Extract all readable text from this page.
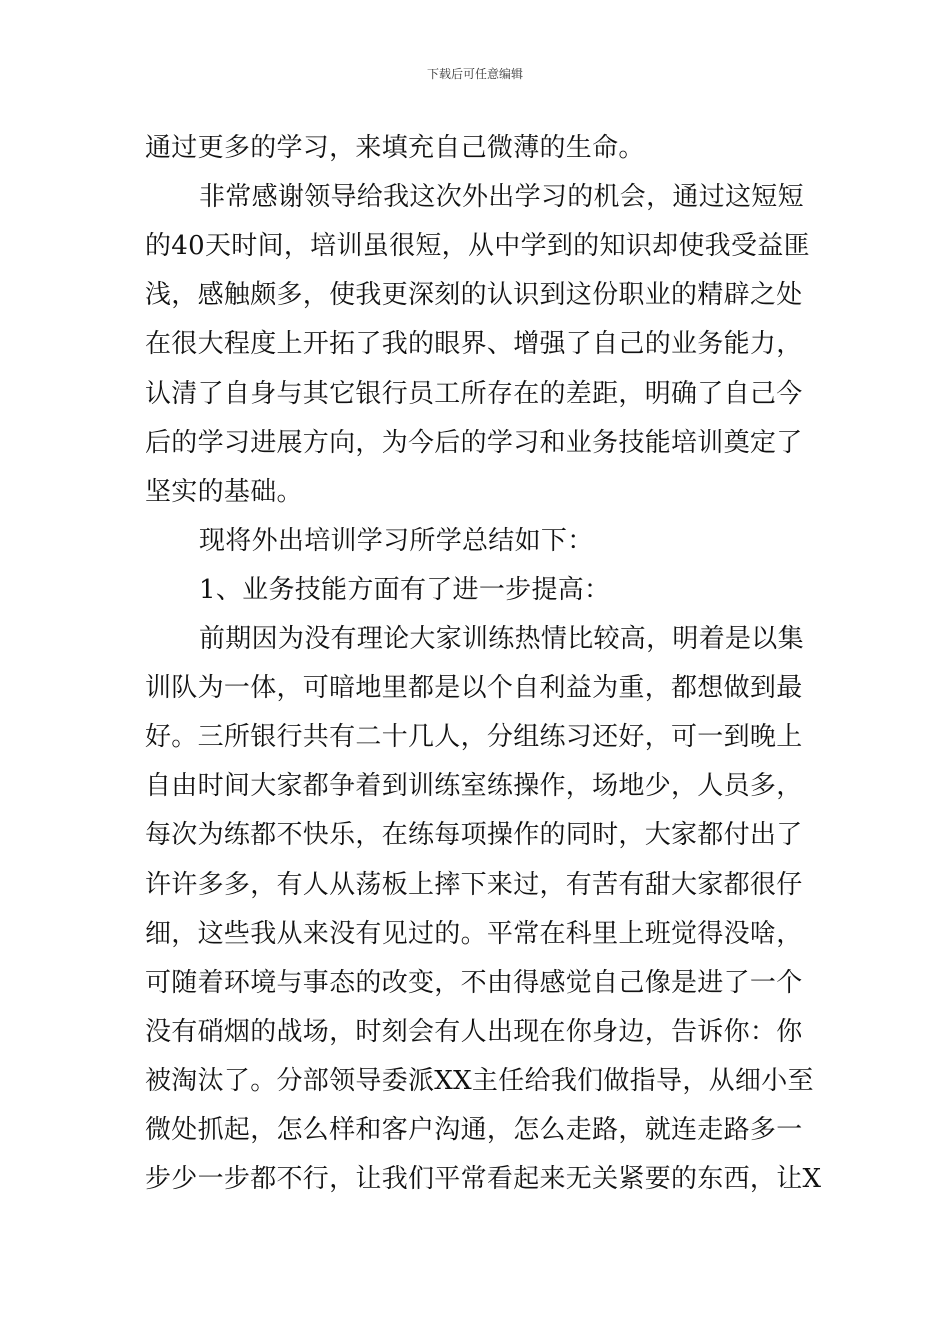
下载后可任意编辑
通过更多的学习，来填充自己微薄的生命。
非常感谢领导给我这次外出学习的机会，通过这短短
的40天时间，培训虽很短，从中学到的知识却使我受益匪
浅，感触颇多，使我更深刻的认识到这份职业的精辟之处
在很大程度上开拓了我的眼界、增强了自己的业务能力，
认清了自身与其它银行员工所存在的差距，明确了自己今
后的学习进展方向，为今后的学习和业务技能培训奠定了
坚实的基础。
现将外出培训学习所学总结如下：
1、业务技能方面有了进一步提高：
前期因为没有理论大家训练热情比较高，明着是以集
训队为一体，可暗地里都是以个自利益为重，都想做到最
好。三所银行共有二十几人，分组练习还好，可一到晚上
自由时间大家都争着到训练室练操作，场地少，人员多，
每次为练都不快乐，在练每项操作的同时，大家都付出了
许许多多，有人从荡板上摔下来过，有苦有甜大家都很仔
细，这些我从来没有见过的。平常在科里上班觉得没啥，
可随着环境与事态的改变，不由得感觉自己像是进了一个
没有硝烟的战场，时刻会有人出现在你身边，告诉你：你
被淘汰了。分部领导委派XX主任给我们做指导，从细小至
微处抓起，怎么样和客户沟通，怎么走路，就连走路多一
步少一步都不行，让我们平常看起来无关紧要的东西，让X
